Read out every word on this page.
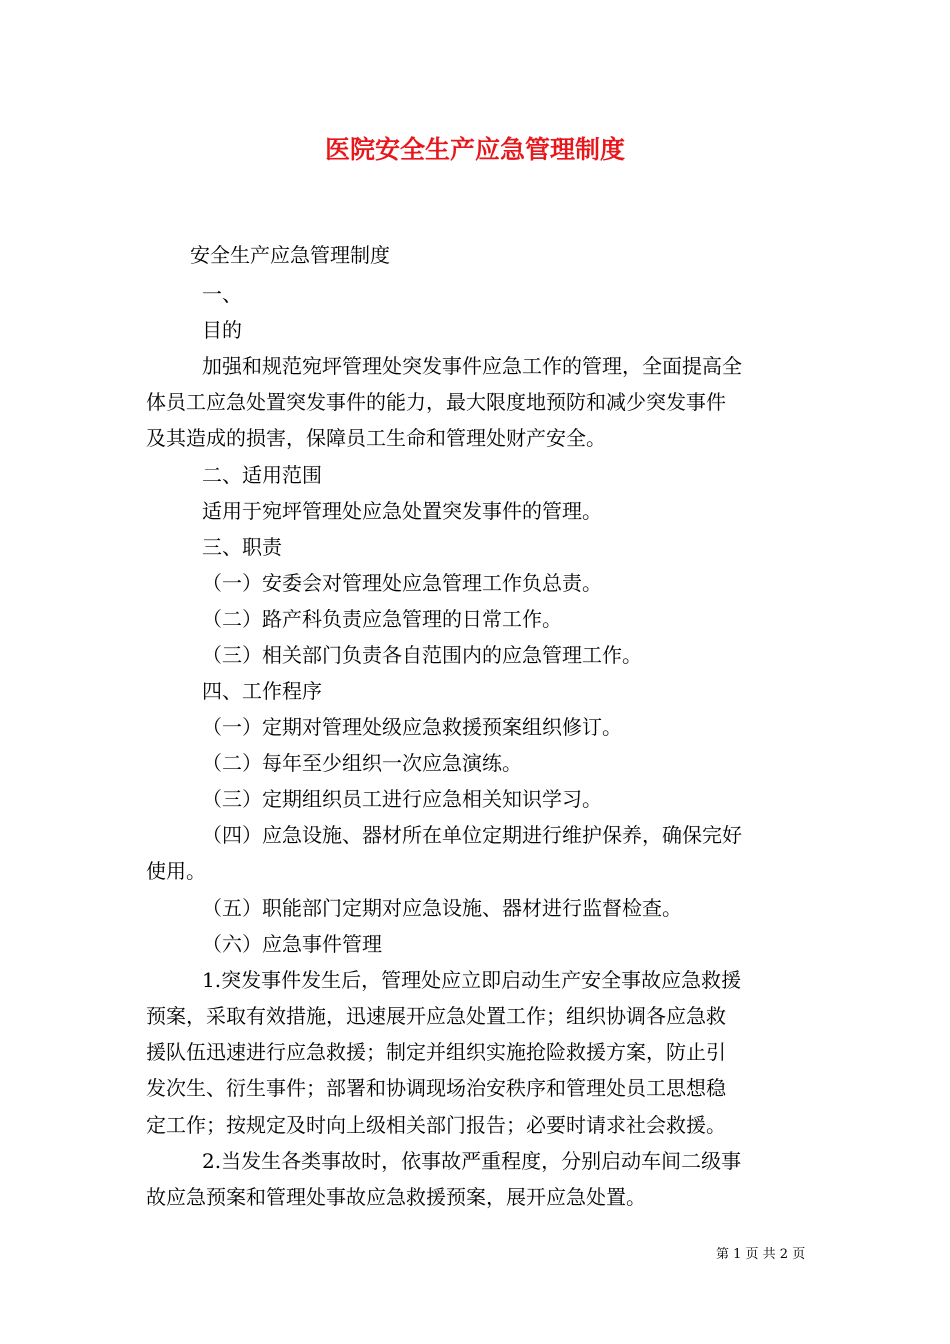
医院安全生产应急管理制度
安全生产应急管理制度
一、
目的
加强和规范宛坪管理处突发事件应急工作的管理，全面提高全
体员工应急处置突发事件的能力，最大限度地预防和减少突发事件
及其造成的损害，保障员工生命和管理处财产安全。
二、适用范围
适用于宛坪管理处应急处置突发事件的管理。
三、职责
（一）安委会对管理处应急管理工作负总责。
（二）路产科负责应急管理的日常工作。
（三）相关部门负责各自范围内的应急管理工作。
四、工作程序
（一）定期对管理处级应急救援预案组织修订。
（二）每年至少组织一次应急演练。
（三）定期组织员工进行应急相关知识学习。
（四）应急设施、器材所在单位定期进行维护保养，确保完好
使用。
（五）职能部门定期对应急设施、器材进行监督检查。
（六）应急事件管理
1.突发事件发生后，管理处应立即启动生产安全事故应急救援
预案，采取有效措施，迅速展开应急处置工作；组织协调各应急救
援队伍迅速进行应急救援；制定并组织实施抢险救援方案，防止引
发次生、衍生事件；部署和协调现场治安秩序和管理处员工思想稳
定工作；按规定及时向上级相关部门报告；必要时请求社会救援。
2.当发生各类事故时，依事故严重程度，分别启动车间二级事
故应急预案和管理处事故应急救援预案，展开应急处置。
第 1 页 共 2 页
